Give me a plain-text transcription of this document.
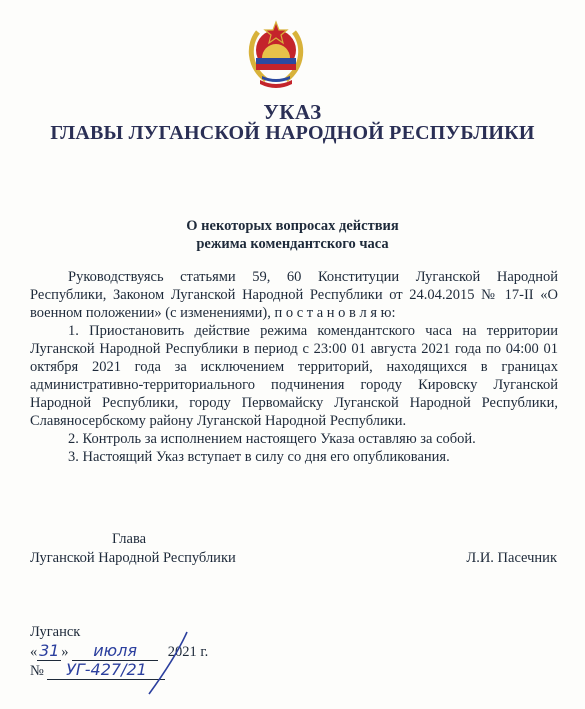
УКАЗ
ГЛАВЫ ЛУГАНСКОЙ НАРОДНОЙ РЕСПУБЛИКИ
О некоторых вопросах действия
режима комендантского часа

Руководствуясь статьями 59, 60 Конституции Луганской Народной Республики, Законом Луганской Народной Республики от 24.04.2015 № 17-II «О военном положении» (с изменениями), п о с т а н о в л я ю:

1. Приостановить действие режима комендантского часа на территории Луганской Народной Республики в период с 23:00 01 августа 2021 года по 04:00 01 октября 2021 года за исключением территорий, находящихся в границах административно-территориального подчинения городу Кировску Луганской Народной Республики, городу Первомайску Луганской Народной Республики, Славяносербскому району Луганской Народной Республики.

2. Контроль за исполнением настоящего Указа оставляю за собой.

3. Настоящий Указ вступает в силу со дня его опубликования.

Глава
Луганской Народной Республики	Л.И. Пасечник
Луганск
« 31 » июля 2021 г.
№ УГ-427/21
